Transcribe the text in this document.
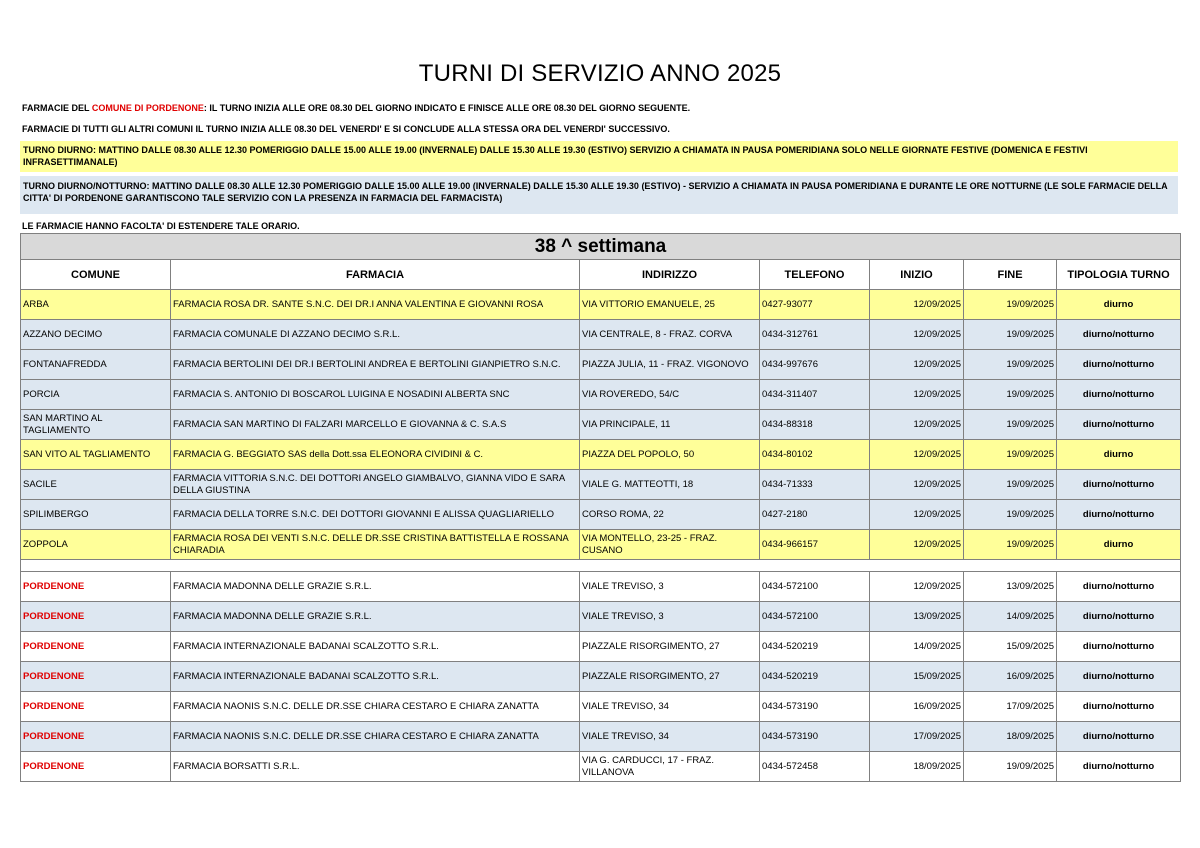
TURNI DI SERVIZIO ANNO 2025
FARMACIE DEL COMUNE DI PORDENONE: IL TURNO INIZIA ALLE ORE 08.30 DEL GIORNO INDICATO E FINISCE ALLE ORE 08.30 DEL GIORNO SEGUENTE.
FARMACIE DI TUTTI GLI ALTRI COMUNI IL TURNO INIZIA ALLE 08.30 DEL VENERDI' E SI CONCLUDE ALLA STESSA ORA DEL VENERDI' SUCCESSIVO.
TURNO DIURNO: MATTINO DALLE 08.30 ALLE 12.30 POMERIGGIO DALLE 15.00 ALLE 19.00 (INVERNALE) DALLE 15.30 ALLE 19.30 (ESTIVO) SERVIZIO A CHIAMATA IN PAUSA POMERIDIANA SOLO NELLE GIORNATE FESTIVE (DOMENICA E FESTIVI INFRASETTIMANALE)
TURNO DIURNO/NOTTURNO: MATTINO DALLE 08.30 ALLE 12.30 POMERIGGIO DALLE 15.00 ALLE 19.00 (INVERNALE) DALLE 15.30 ALLE 19.30 (ESTIVO) - SERVIZIO A CHIAMATA IN PAUSA POMERIDIANA E DURANTE LE ORE NOTTURNE (LE SOLE FARMACIE DELLA CITTA' DI PORDENONE GARANTISCONO TALE SERVIZIO CON LA PRESENZA IN FARMACIA DEL FARMACISTA)
LE FARMACIE HANNO FACOLTA' DI ESTENDERE TALE ORARIO.
38 ^ settimana						
COMUNE	FARMACIA	INDIRIZZO	TELEFONO	INIZIO	FINE	TIPOLOGIA TURNO
ARBA	FARMACIA ROSA DR. SANTE S.N.C. DEI DR.I ANNA VALENTINA E GIOVANNI ROSA	VIA VITTORIO EMANUELE, 25	0427-93077	12/09/2025	19/09/2025	diurno
AZZANO DECIMO	FARMACIA COMUNALE DI AZZANO DECIMO S.R.L.	VIA CENTRALE, 8 - FRAZ. CORVA	0434-312761	12/09/2025	19/09/2025	diurno/notturno
FONTANAFREDDA	FARMACIA BERTOLINI DEI DR.I BERTOLINI ANDREA E BERTOLINI GIANPIETRO S.N.C.	PIAZZA JULIA, 11 - FRAZ. VIGONOVO	0434-997676	12/09/2025	19/09/2025	diurno/notturno
PORCIA	FARMACIA S. ANTONIO DI BOSCAROL LUIGINA E NOSADINI ALBERTA SNC	VIA ROVEREDO, 54/C	0434-311407	12/09/2025	19/09/2025	diurno/notturno
SAN MARTINO AL TAGLIAMENTO	FARMACIA SAN MARTINO DI FALZARI MARCELLO E GIOVANNA & C. S.A.S	VIA PRINCIPALE, 11	0434-88318	12/09/2025	19/09/2025	diurno/notturno
SAN VITO AL TAGLIAMENTO	FARMACIA G. BEGGIATO SAS della Dott.ssa ELEONORA CIVIDINI & C.	PIAZZA DEL POPOLO, 50	0434-80102	12/09/2025	19/09/2025	diurno
SACILE	FARMACIA VITTORIA S.N.C. DEI DOTTORI ANGELO GIAMBALVO, GIANNA VIDO E SARA DELLA GIUSTINA	VIALE G. MATTEOTTI, 18	0434-71333	12/09/2025	19/09/2025	diurno/notturno
SPILIMBERGO	FARMACIA DELLA TORRE S.N.C. DEI DOTTORI GIOVANNI E ALISSA QUAGLIARIELLO	CORSO ROMA, 22	0427-2180	12/09/2025	19/09/2025	diurno/notturno
ZOPPOLA	FARMACIA ROSA DEI VENTI S.N.C. DELLE DR.SSE CRISTINA BATTISTELLA E ROSSANA CHIARADIA	VIA MONTELLO, 23-25 - FRAZ. CUSANO	0434-966157	12/09/2025	19/09/2025	diurno

PORDENONE	FARMACIA MADONNA DELLE GRAZIE S.R.L.	VIALE TREVISO, 3	0434-572100	12/09/2025	13/09/2025	diurno/notturno
PORDENONE	FARMACIA MADONNA DELLE GRAZIE S.R.L.	VIALE TREVISO, 3	0434-572100	13/09/2025	14/09/2025	diurno/notturno
PORDENONE	FARMACIA INTERNAZIONALE BADANAI SCALZOTTO S.R.L.	PIAZZALE RISORGIMENTO, 27	0434-520219	14/09/2025	15/09/2025	diurno/notturno
PORDENONE	FARMACIA INTERNAZIONALE BADANAI SCALZOTTO S.R.L.	PIAZZALE RISORGIMENTO, 27	0434-520219	15/09/2025	16/09/2025	diurno/notturno
PORDENONE	FARMACIA NAONIS S.N.C. DELLE DR.SSE CHIARA CESTARO E CHIARA ZANATTA	VIALE TREVISO, 34	0434-573190	16/09/2025	17/09/2025	diurno/notturno
PORDENONE	FARMACIA NAONIS S.N.C. DELLE DR.SSE CHIARA CESTARO E CHIARA ZANATTA	VIALE TREVISO, 34	0434-573190	17/09/2025	18/09/2025	diurno/notturno
PORDENONE	FARMACIA BORSATTI S.R.L.	VIA G. CARDUCCI, 17 - FRAZ. VILLANOVA	0434-572458	18/09/2025	19/09/2025	diurno/notturno
